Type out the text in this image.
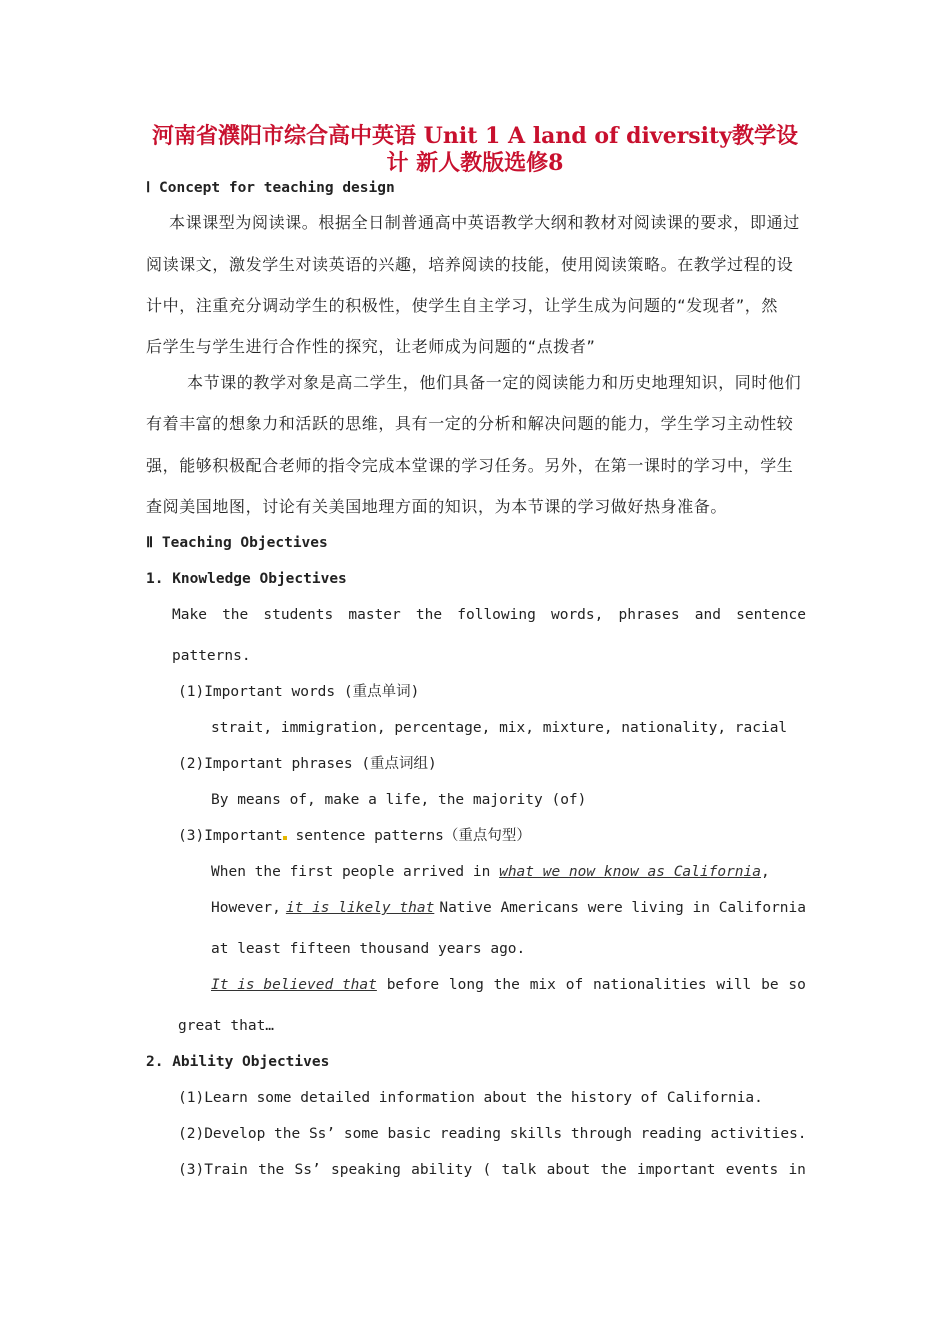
河南省濮阳市综合高中英语 Unit 1 A land of diversity教学设
计 新人教版选修8
Ⅰ Concept for teaching design
本课课型为阅读课。根据全日制普通高中英语教学大纲和教材对阅读课的要求，即通过
阅读课文，激发学生对读英语的兴趣，培养阅读的技能，使用阅读策略。在教学过程的设
计中，注重充分调动学生的积极性，使学生自主学习，让学生成为问题的“发现者”，然
后学生与学生进行合作性的探究，让老师成为问题的“点拨者”
本节课的教学对象是高二学生，他们具备一定的阅读能力和历史地理知识，同时他们
有着丰富的想象力和活跃的思维，具有一定的分析和解决问题的能力，学生学习主动性较
强，能够积极配合老师的指令完成本堂课的学习任务。另外，在第一课时的学习中，学生
查阅美国地图，讨论有关美国地理方面的知识，为本节课的学习做好热身准备。
Ⅱ Teaching Objectives
1. Knowledge Objectives
Make the students master the following words, phrases and sentence
patterns.
(1)Important words (重点单词)
strait, immigration, percentage, mix, mixture, nationality, racial
(2)Important phrases (重点词组)
By means of, make a life, the majority (of)
(3)Important sentence patterns（重点句型）
When the first people arrived in what we now know as California,
However, it is likely that Native Americans were living in California
at least fifteen thousand years ago.
It is believed that before long the mix of nationalities will be so
great that…
2. Ability Objectives
(1)Learn some detailed information about the history of California.
(2)Develop the Ss’ some basic reading skills through reading activities.
(3)Train the Ss’ speaking ability ( talk about the important events in
